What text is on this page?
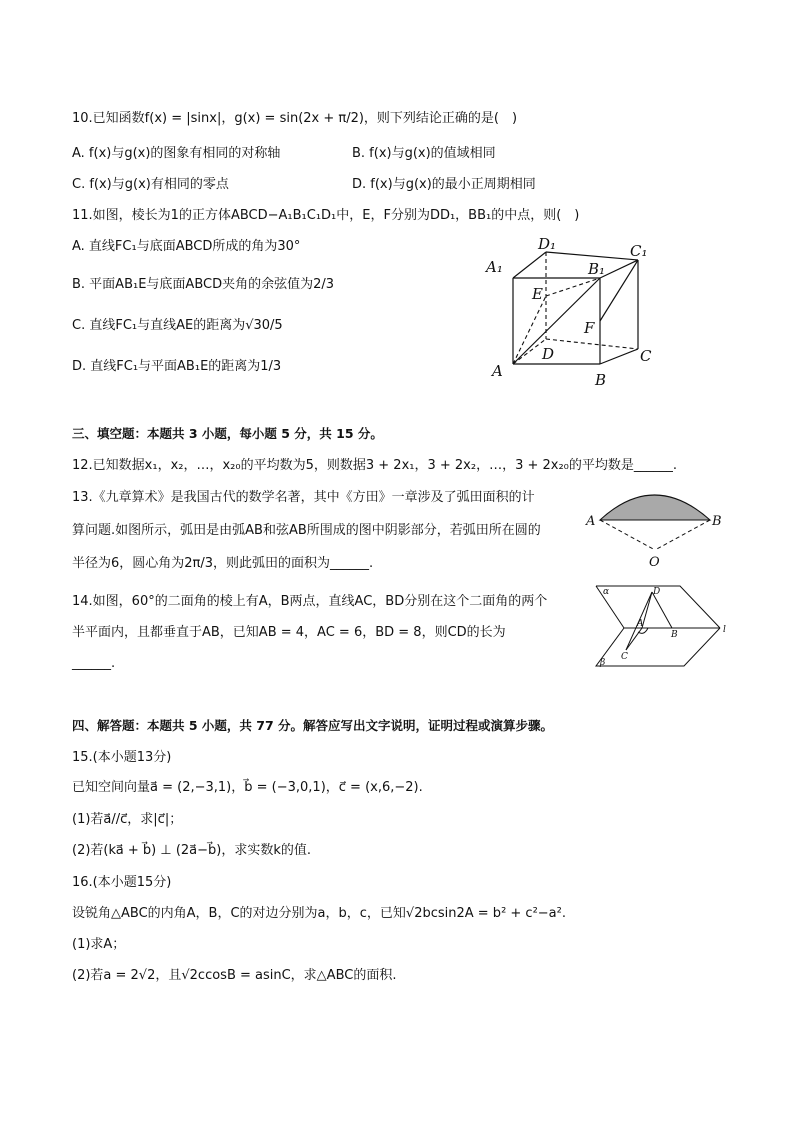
10.已知函数f(x) = |sinx|，g(x) = sin(2x + π/2)，则下列结论正确的是(　)
A. f(x)与g(x)的图象有相同的对称轴	B. f(x)与g(x)的值域相同
C. f(x)与g(x)有相同的零点	D. f(x)与g(x)的最小正周期相同
11.如图，棱长为1的正方体ABCD−A₁B₁C₁D₁中，E，F分别为DD₁，BB₁的中点，则(　)
A. 直线FC₁与底面ABCD所成的角为30°
B. 平面AB₁E与底面ABCD夹角的余弦值为2/3
C. 直线FC₁与直线AE的距离为√30/5
D. 直线FC₁与平面AB₁E的距离为1/3
D₁	C₁
A₁	B₁
E
F
D	C
A	B
三、填空题：本题共 3 小题，每小题 5 分，共 15 分。
12.已知数据x₁，x₂，…，x₂₀的平均数为5，则数据3 + 2x₁，3 + 2x₂，…，3 + 2x₂₀的平均数是______.
13.《九章算术》是我国古代的数学名著，其中《方田》一章涉及了弧田面积的计
算问题.如图所示，弧田是由弧AB和弦AB所围成的图中阴影部分，若弧田所在圆的
半径为6，圆心角为2π/3，则此弧田的面积为______.
A	B
O
14.如图，60°的二面角的棱上有A，B两点，直线AC，BD分别在这个二面角的两个
半平面内，且都垂直于AB，已知AB = 4，AC = 6，BD = 8，则CD的长为
______.
α	D
A
B	l
C
β
四、解答题：本题共 5 小题，共 77 分。解答应写出文字说明，证明过程或演算步骤。
15.(本小题13分)
已知空间向量a⃗ = (2,−3,1)，b⃗ = (−3,0,1)，c⃗ = (x,6,−2).
(1)若a⃗//c⃗，求|c⃗|；
(2)若(ka⃗ + b⃗) ⊥ (2a⃗−b⃗)，求实数k的值.
16.(本小题15分)
设锐角△ABC的内角A，B，C的对边分别为a，b，c，已知√2bcsin2A = b² + c²−a².
(1)求A；
(2)若a = 2√2，且√2ccosB = asinC，求△ABC的面积.
